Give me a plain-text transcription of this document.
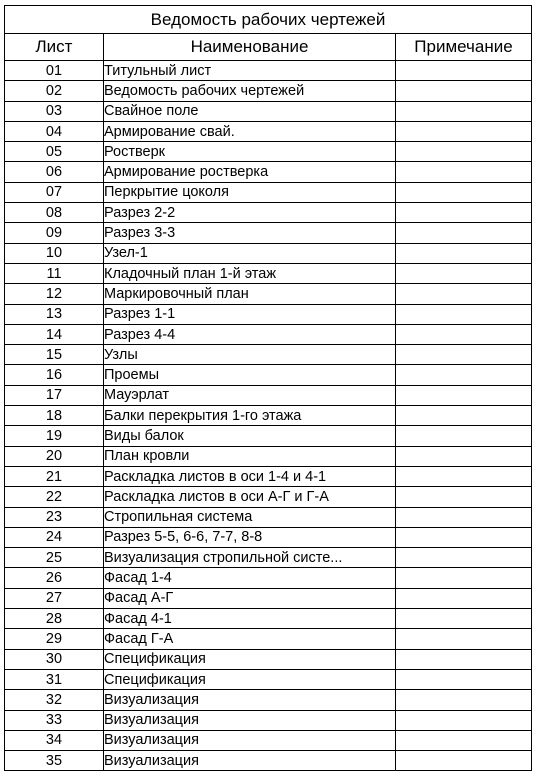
Ведомость рабочих чертежей		
Лист	Наименование	Примечание
01	Титульный лист	
02	Ведомость рабочих чертежей	
03	Свайное поле	
04	Армирование свай.	
05	Ростверк	
06	Армирование ростверка	
07	Перкрытие цоколя	
08	Разрез 2-2	
09	Разрез 3-3	
10	Узел-1	
11	Кладочный план 1-й этаж	
12	Маркировочный план	
13	Разрез 1-1	
14	Разрез 4-4	
15	Узлы	
16	Проемы	
17	Мауэрлат	
18	Балки перекрытия 1-го этажа	
19	Виды балок	
20	План кровли	
21	Раскладка листов в оси 1-4 и 4-1	
22	Раскладка листов в оси А-Г и Г-А	
23	Стропильная система	
24	Разрез 5-5, 6-6, 7-7, 8-8	
25	Визуализация стропильной систе...	
26	Фасад 1-4	
27	Фасад А-Г	
28	Фасад 4-1	
29	Фасад Г-А	
30	Спецификация	
31	Спецификация	
32	Визуализация	
33	Визуализация	
34	Визуализация	
35	Визуализация	
